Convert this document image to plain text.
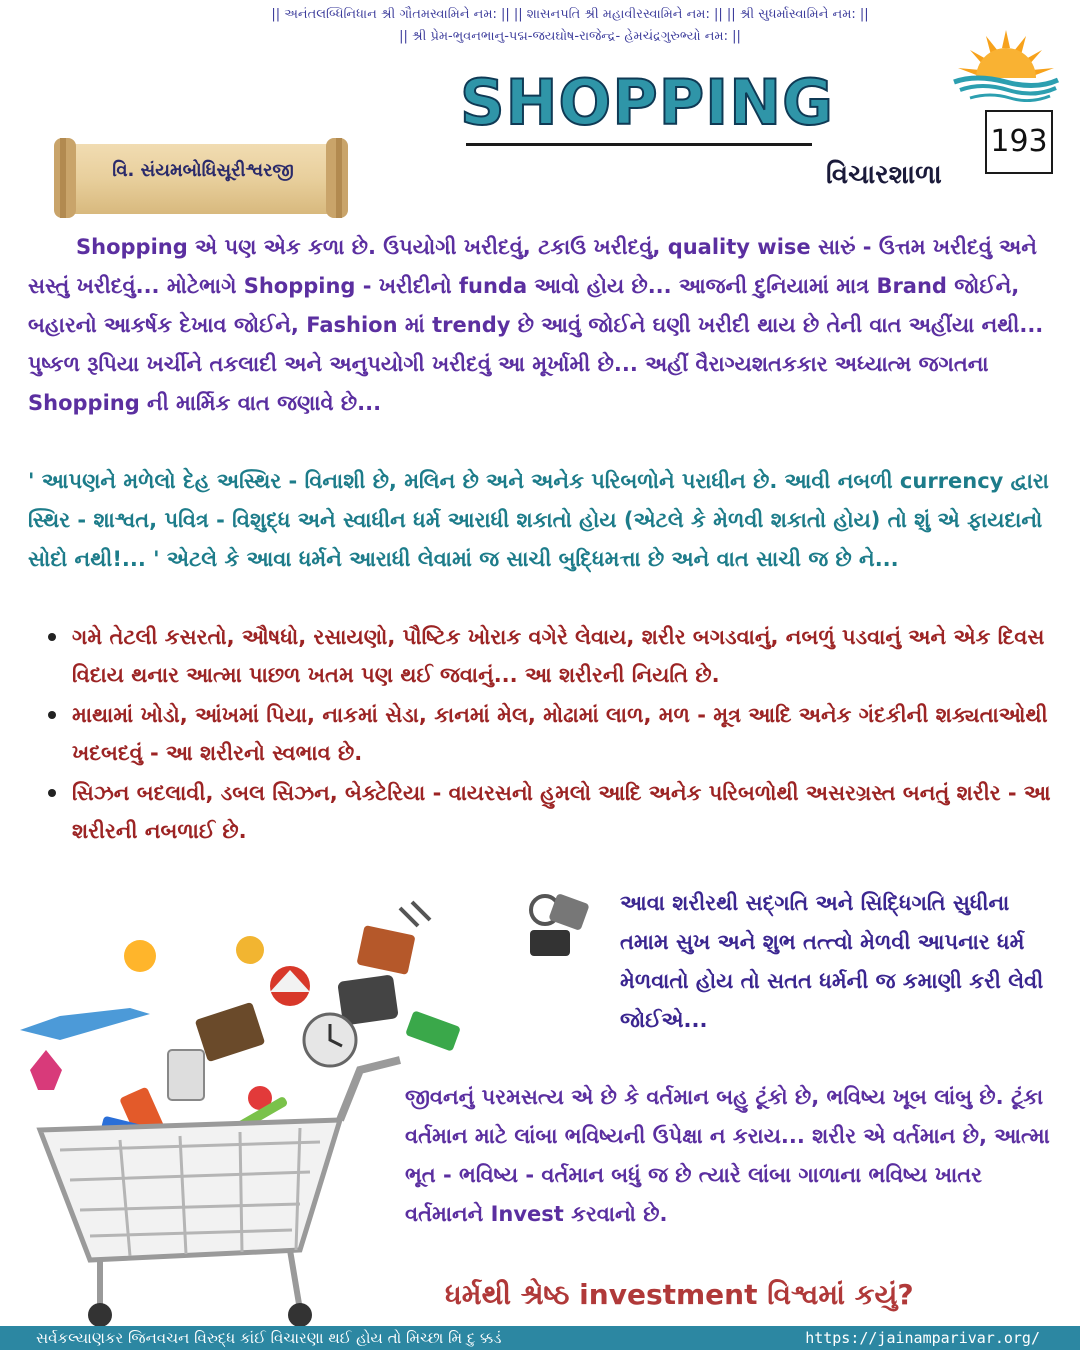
|| અનંતલબ્ધિનિધાન શ્રી ગૌતમસ્વામિને નમ: || || શાસનપતિ શ્રી મહાવીરસ્વામિને નમ: || || શ્રી સુધર્માસ્વામિને નમ: ||
|| શ્રી પ્રેમ-ભુવનભાનુ-પદ્મ-જયઘોષ-રાજેન્દ્ર- હેમચંદ્રગુરુભ્યો નમ: ||
SHOPPING
193
વિ. સંયમબોધિસૂરીશ્વરજી	વિચારશાળા

Shopping એ પણ એક કળા છે. ઉપયોગી ખરીદવું, ટકાઉ ખરીદવું, quality wise સારું - ઉત્તમ ખરીદવું અને સસ્તું ખરીદવું... મોટેભાગે Shopping - ખરીદીનો funda આવો હોય છે... આજની દુનિયામાં માત્ર Brand જોઈને, બહારનો આકર્ષક દેખાવ જોઈને, Fashion માં trendy છે આવું જોઈને ઘણી ખરીદી થાય છે તેની વાત અહીંયા નથી... પુષ્કળ રૂપિયા ખર્ચીને તકલાદી અને અનુપયોગી ખરીદવું આ મૂર્ખામી છે... અહીં વૈરાગ્યશતકકાર અધ્યાત્મ જગતના Shopping ની માર્મિક વાત જણાવે છે...

' આપણને મળેલો દેહ અસ્થિર - વિનાશી છે, મલિન છે અને અનેક પરિબળોને પરાધીન છે. આવી નબળી currency દ્વારા સ્થિર - શાશ્વત, પવિત્ર - વિશુદ્ધ અને સ્વાધીન ધર્મ આરાધી શકાતો હોય (એટલે કે મેળવી શકાતો હોય) તો શું એ ફાયદાનો સોદો નથી!... ' એટલે કે આવા ધર્મને આરાધી લેવામાં જ સાચી બુદ્ધિમત્તા છે અને વાત સાચી જ છે ને...

ગમે તેટલી કસરતો, ઔષધો, રસાયણો, પૌષ્ટિક ખોરાક વગેરે લેવાય, શરીર બગડવાનું, નબળું પડવાનું અને એક દિવસ વિદાય થનાર આત્મા પાછળ ખતમ પણ થઈ જવાનું... આ શરીરની નિયતિ છે.
માથામાં ખોડો, આંખમાં પિયા, નાકમાં સેડા, કાનમાં મેલ, મોઢામાં લાળ, મળ - મૂત્ર આદિ અનેક ગંદકીની શક્યતાઓથી ખદબદવું - આ શરીરનો સ્વભાવ છે.
સિઝન બદલાવી, ડબલ સિઝન, બેક્ટેરિયા - વાયરસનો હુમલો આદિ અનેક પરિબળોથી અસરગ્રસ્ત બનતું શરીર - આ શરીરની નબળાઈ છે.

આવા શરીરથી સદ્ગતિ અને સિદ્ધિગતિ સુધીના તમામ સુખ અને શુભ તત્ત્વો મેળવી આપનાર ધર્મ મેળવાતો હોય તો સતત ધર્મની જ કમાણી કરી લેવી જોઈએ...

જીવનનું પરમસત્ય એ છે કે વર્તમાન બહુ ટૂંકો છે, ભવિષ્ય ખૂબ લાંબુ છે. ટૂંકા વર્તમાન માટે લાંબા ભવિષ્યની ઉપેક્ષા ન કરાય... શરીર એ વર્તમાન છે, આત્મા ભૂત - ભવિષ્ય - વર્તમાન બધું જ છે ત્યારે લાંબા ગાળાના ભવિષ્ય ખાતર વર્તમાનને Invest કરવાનો છે.

ધર્મથી શ્રેષ્ઠ investment વિશ્વમાં કયું?
સર્વકલ્યાણકર જિનવચન વિરુદ્ધ કાંઈ વિચારણા થઈ હોય તો મિચ્છા મિ દુ ક્કડં	https://jainamparivar.org/
